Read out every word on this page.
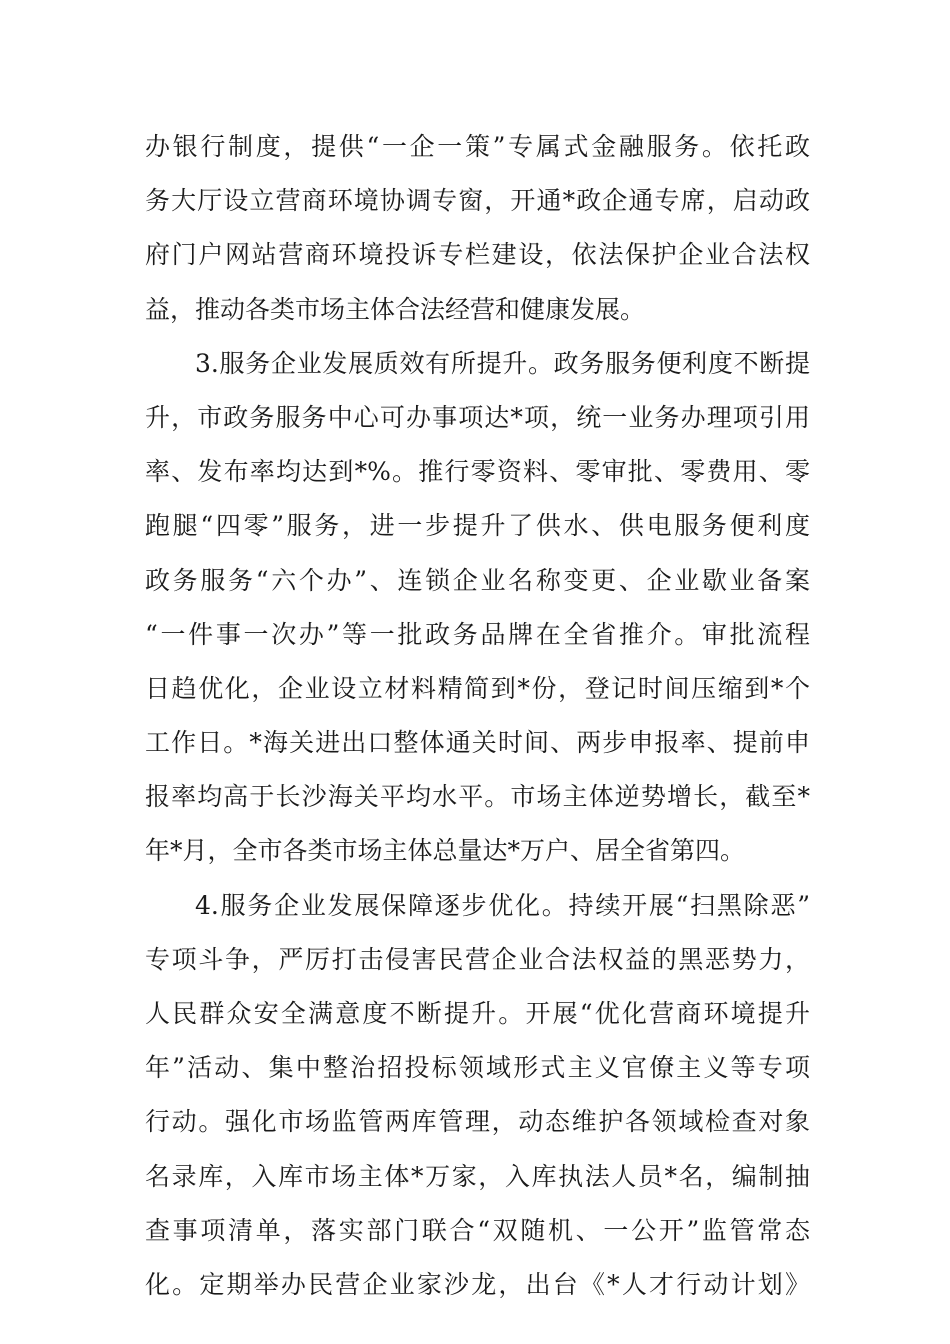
办银行制度，提供“一企一策”专属式金融服务。依托政
务大厅设立营商环境协调专窗，开通*政企通专席，启动政
府门户网站营商环境投诉专栏建设，依法保护企业合法权
益，推动各类市场主体合法经营和健康发展。
3.服务企业发展质效有所提升。政务服务便利度不断提
升，市政务服务中心可办事项达*项，统一业务办理项引用
率、发布率均达到*%。推行零资料、零审批、零费用、零
跑腿“四零”服务，进一步提升了供水、供电服务便利度
政务服务“六个办”、连锁企业名称变更、企业歇业备案
“一件事一次办”等一批政务品牌在全省推介。审批流程
日趋优化，企业设立材料精简到*份，登记时间压缩到*个
工作日。*海关进出口整体通关时间、两步申报率、提前申
报率均高于长沙海关平均水平。市场主体逆势增长，截至*
年*月，全市各类市场主体总量达*万户、居全省第四。
4.服务企业发展保障逐步优化。持续开展“扫黑除恶”
专项斗争，严厉打击侵害民营企业合法权益的黑恶势力，
人民群众安全满意度不断提升。开展“优化营商环境提升
年”活动、集中整治招投标领域形式主义官僚主义等专项
行动。强化市场监管两库管理，动态维护各领域检查对象
名录库，入库市场主体*万家，入库执法人员*名，编制抽
查事项清单，落实部门联合“双随机、一公开”监管常态
化。定期举办民营企业家沙龙，出台《*人才行动计划》
